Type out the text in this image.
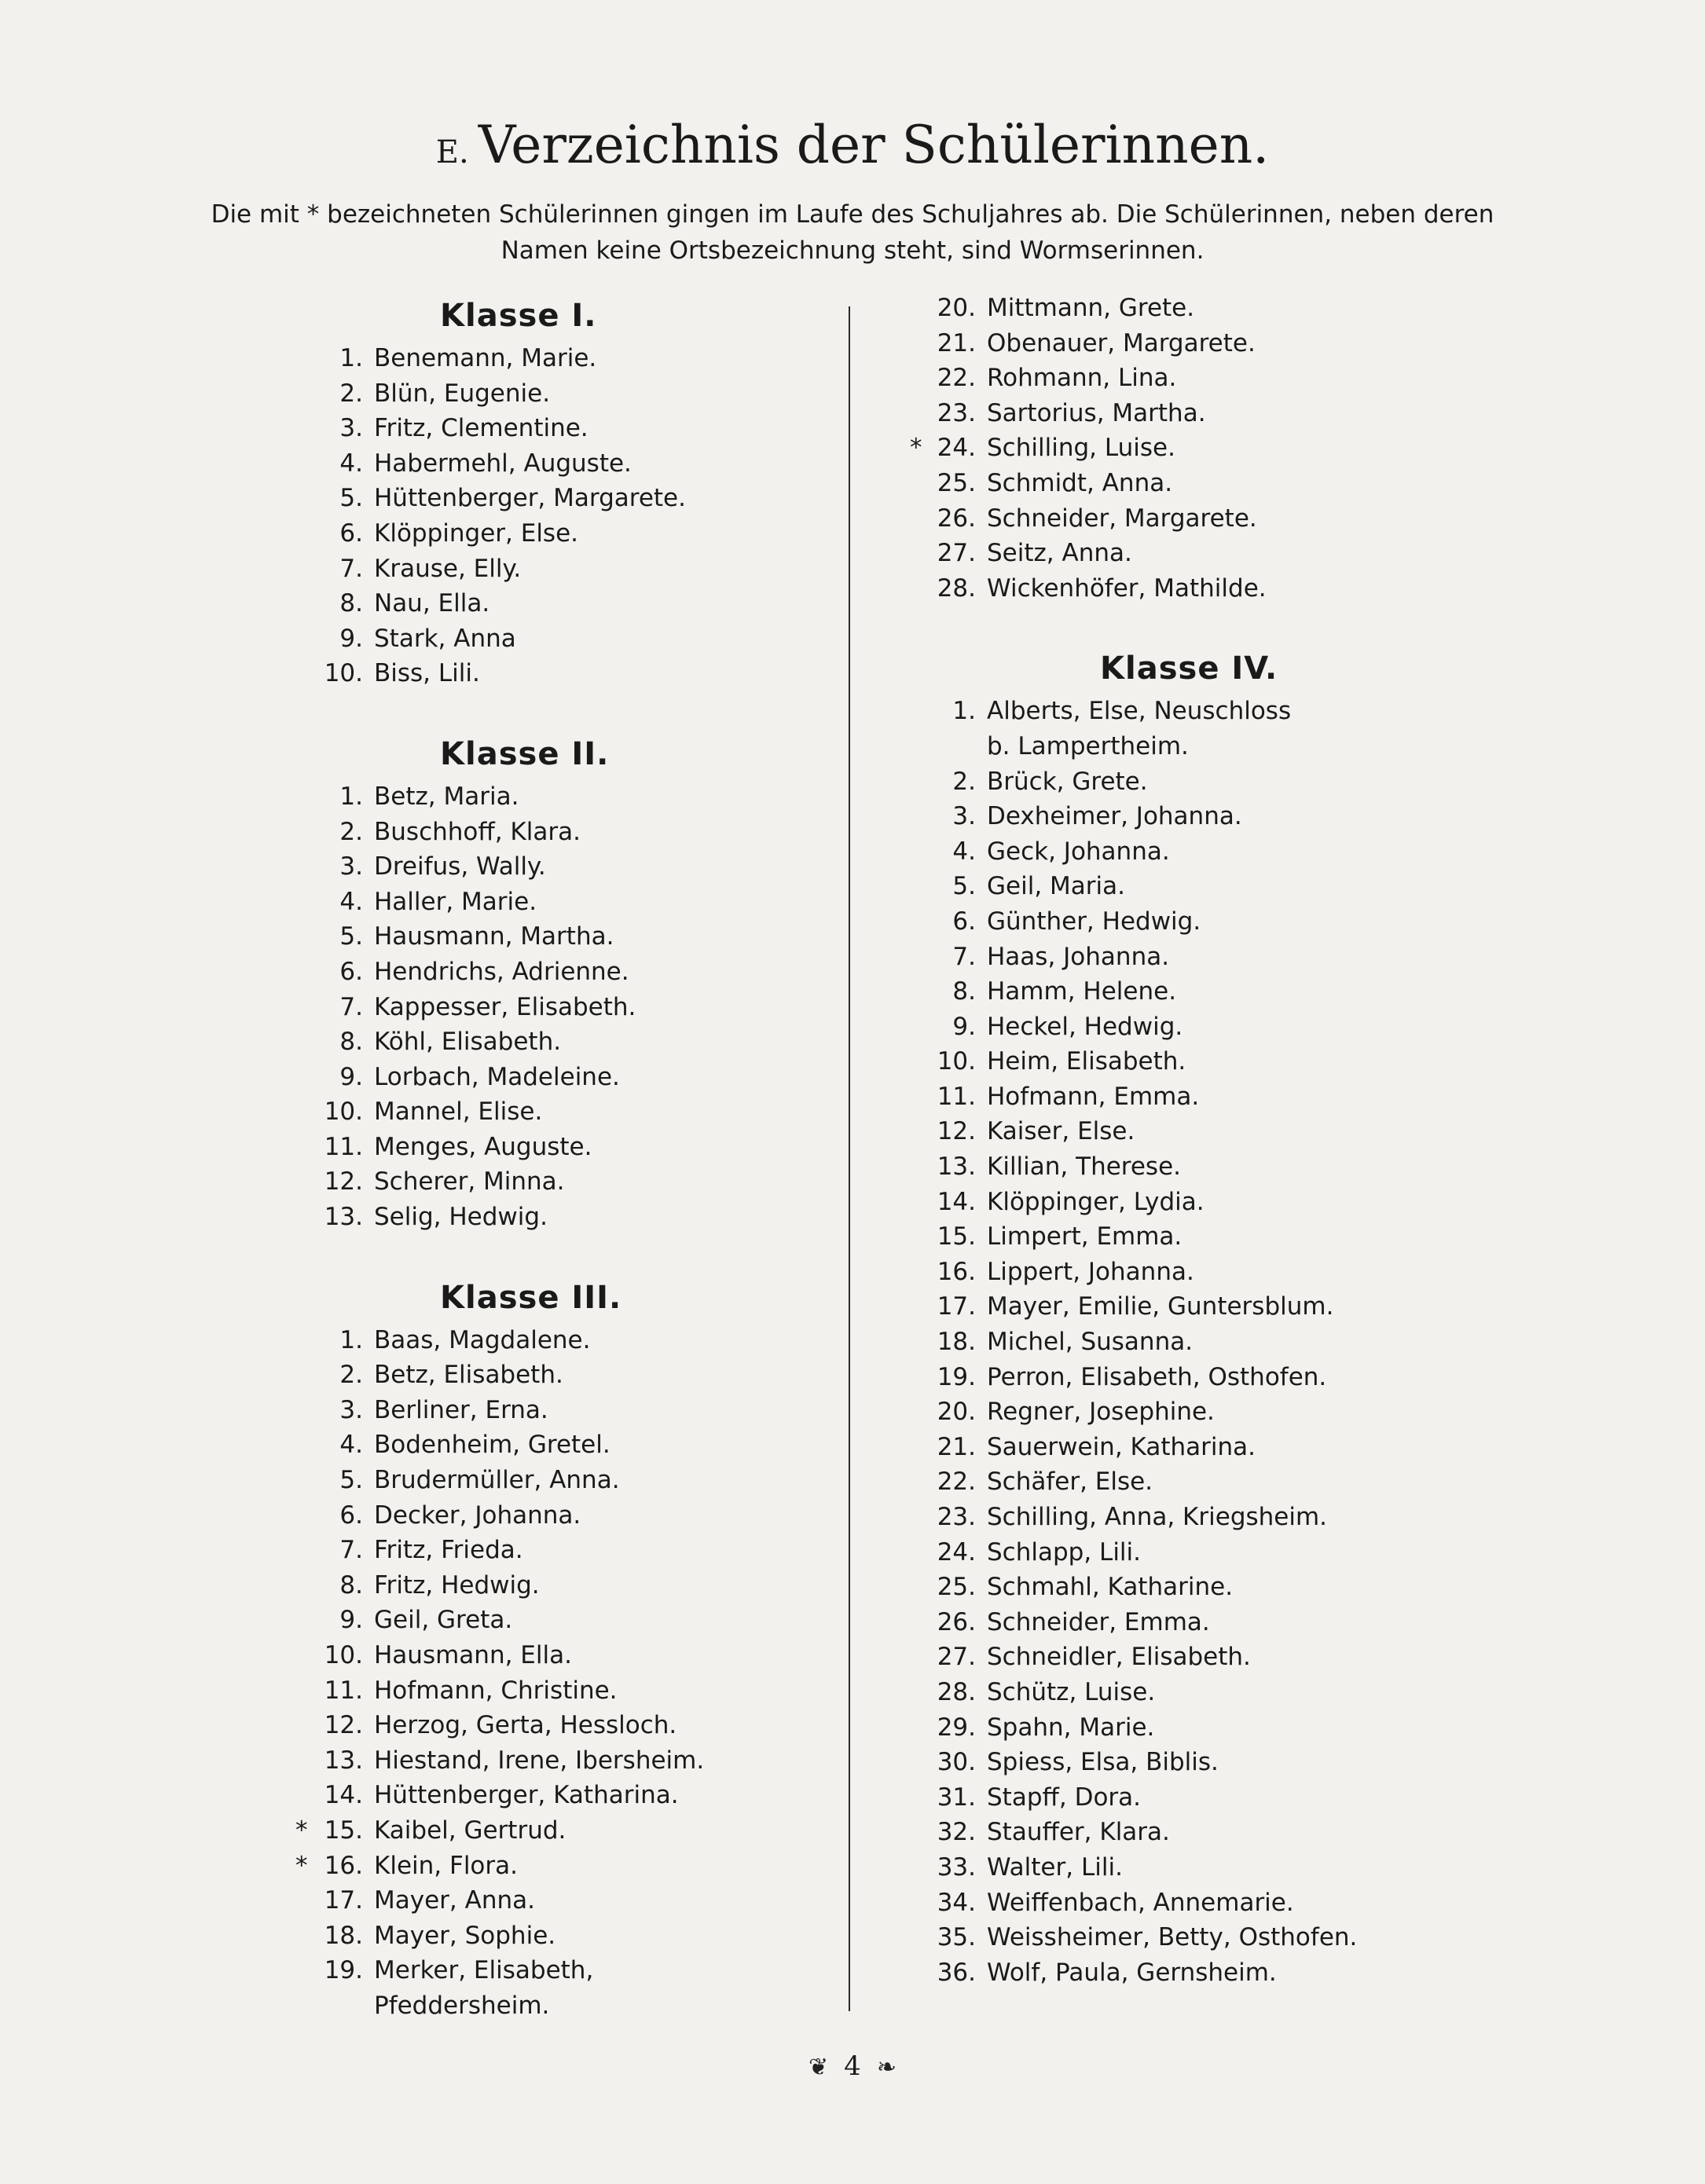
E. Verzeichnis der Schülerinnen.
Die mit * bezeichneten Schülerinnen gingen im Laufe des Schuljahres ab. Die Schülerinnen, neben deren
Namen keine Ortsbezeichnung steht, sind Wormserinnen.
Klasse I.
1. Benemann, Marie.
2. Blün, Eugenie.
3. Fritz, Clementine.
4. Habermehl, Auguste.
5. Hüttenberger, Margarete.
6. Klöppinger, Else.
7. Krause, Elly.
8. Nau, Ella.
9. Stark, Anna
10. Biss, Lili.
Klasse II.
1. Betz, Maria.
2. Buschhoff, Klara.
3. Dreifus, Wally.
4. Haller, Marie.
5. Hausmann, Martha.
6. Hendrichs, Adrienne.
7. Kappesser, Elisabeth.
8. Köhl, Elisabeth.
9. Lorbach, Madeleine.
10. Mannel, Elise.
11. Menges, Auguste.
12. Scherer, Minna.
13. Selig, Hedwig.
Klasse III.
1. Baas, Magdalene.
2. Betz, Elisabeth.
3. Berliner, Erna.
4. Bodenheim, Gretel.
5. Brudermüller, Anna.
6. Decker, Johanna.
7. Fritz, Frieda.
8. Fritz, Hedwig.
9. Geil, Greta.
10. Hausmann, Ella.
11. Hofmann, Christine.
12. Herzog, Gerta, Hessloch.
13. Hiestand, Irene, Ibersheim.
14. Hüttenberger, Katharina.
* 15. Kaibel, Gertrud.
* 16. Klein, Flora.
17. Mayer, Anna.
18. Mayer, Sophie.
19. Merker, Elisabeth,
Pfeddersheim.
20. Mittmann, Grete.
21. Obenauer, Margarete.
22. Rohmann, Lina.
23. Sartorius, Martha.
* 24. Schilling, Luise.
25. Schmidt, Anna.
26. Schneider, Margarete.
27. Seitz, Anna.
28. Wickenhöfer, Mathilde.
Klasse IV.
1. Alberts, Else, Neuschloss
b. Lampertheim.
2. Brück, Grete.
3. Dexheimer, Johanna.
4. Geck, Johanna.
5. Geil, Maria.
6. Günther, Hedwig.
7. Haas, Johanna.
8. Hamm, Helene.
9. Heckel, Hedwig.
10. Heim, Elisabeth.
11. Hofmann, Emma.
12. Kaiser, Else.
13. Killian, Therese.
14. Klöppinger, Lydia.
15. Limpert, Emma.
16. Lippert, Johanna.
17. Mayer, Emilie, Guntersblum.
18. Michel, Susanna.
19. Perron, Elisabeth, Osthofen.
20. Regner, Josephine.
21. Sauerwein, Katharina.
22. Schäfer, Else.
23. Schilling, Anna, Kriegsheim.
24. Schlapp, Lili.
25. Schmahl, Katharine.
26. Schneider, Emma.
27. Schneidler, Elisabeth.
28. Schütz, Luise.
29. Spahn, Marie.
30. Spiess, Elsa, Biblis.
31. Stapff, Dora.
32. Stauffer, Klara.
33. Walter, Lili.
34. Weiffenbach, Annemarie.
35. Weissheimer, Betty, Osthofen.
36. Wolf, Paula, Gernsheim.
❦ 4 ❧
